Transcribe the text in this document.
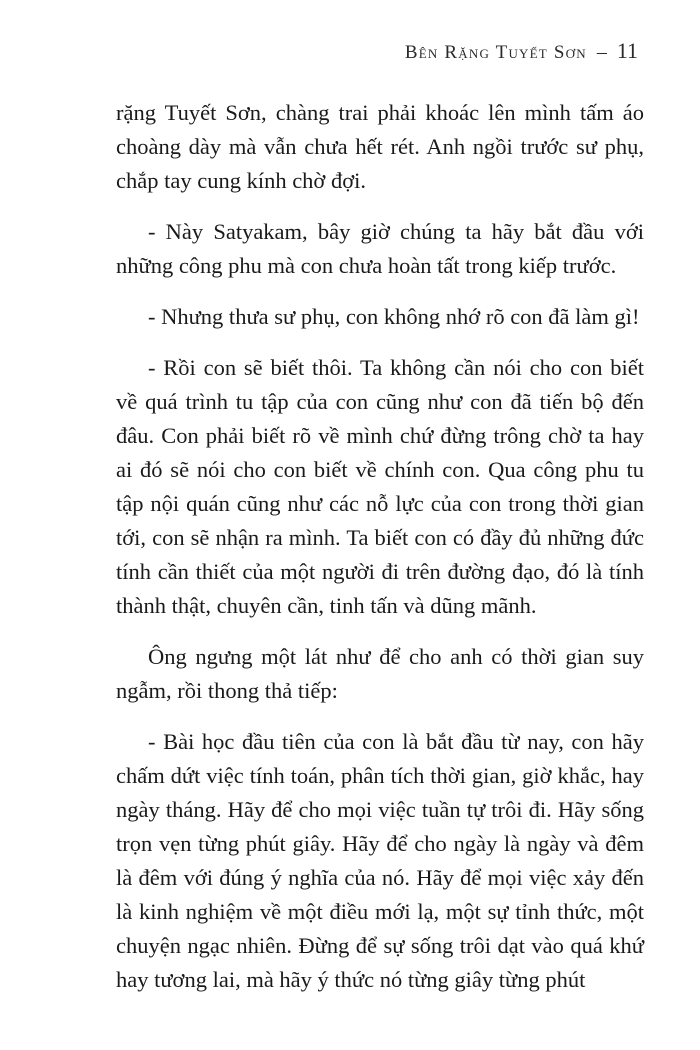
Bên Rặng Tuyết Sơn – 11

rặng Tuyết Sơn, chàng trai phải khoác lên mình tấm áo choàng dày mà vẫn chưa hết rét. Anh ngồi trước sư phụ, chắp tay cung kính chờ đợi.

- Này Satyakam, bây giờ chúng ta hãy bắt đầu với những công phu mà con chưa hoàn tất trong kiếp trước.

- Nhưng thưa sư phụ, con không nhớ rõ con đã làm gì!

- Rồi con sẽ biết thôi. Ta không cần nói cho con biết về quá trình tu tập của con cũng như con đã tiến bộ đến đâu. Con phải biết rõ về mình chứ đừng trông chờ ta hay ai đó sẽ nói cho con biết về chính con. Qua công phu tu tập nội quán cũng như các nỗ lực của con trong thời gian tới, con sẽ nhận ra mình. Ta biết con có đầy đủ những đức tính cần thiết của một người đi trên đường đạo, đó là tính thành thật, chuyên cần, tinh tấn và dũng mãnh.

Ông ngưng một lát như để cho anh có thời gian suy ngẫm, rồi thong thả tiếp:

- Bài học đầu tiên của con là bắt đầu từ nay, con hãy chấm dứt việc tính toán, phân tích thời gian, giờ khắc, hay ngày tháng. Hãy để cho mọi việc tuần tự trôi đi. Hãy sống trọn vẹn từng phút giây. Hãy để cho ngày là ngày và đêm là đêm với đúng ý nghĩa của nó. Hãy để mọi việc xảy đến là kinh nghiệm về một điều mới lạ, một sự tỉnh thức, một chuyện ngạc nhiên. Đừng để sự sống trôi dạt vào quá khứ hay tương lai, mà hãy ý thức nó từng giây từng phút
